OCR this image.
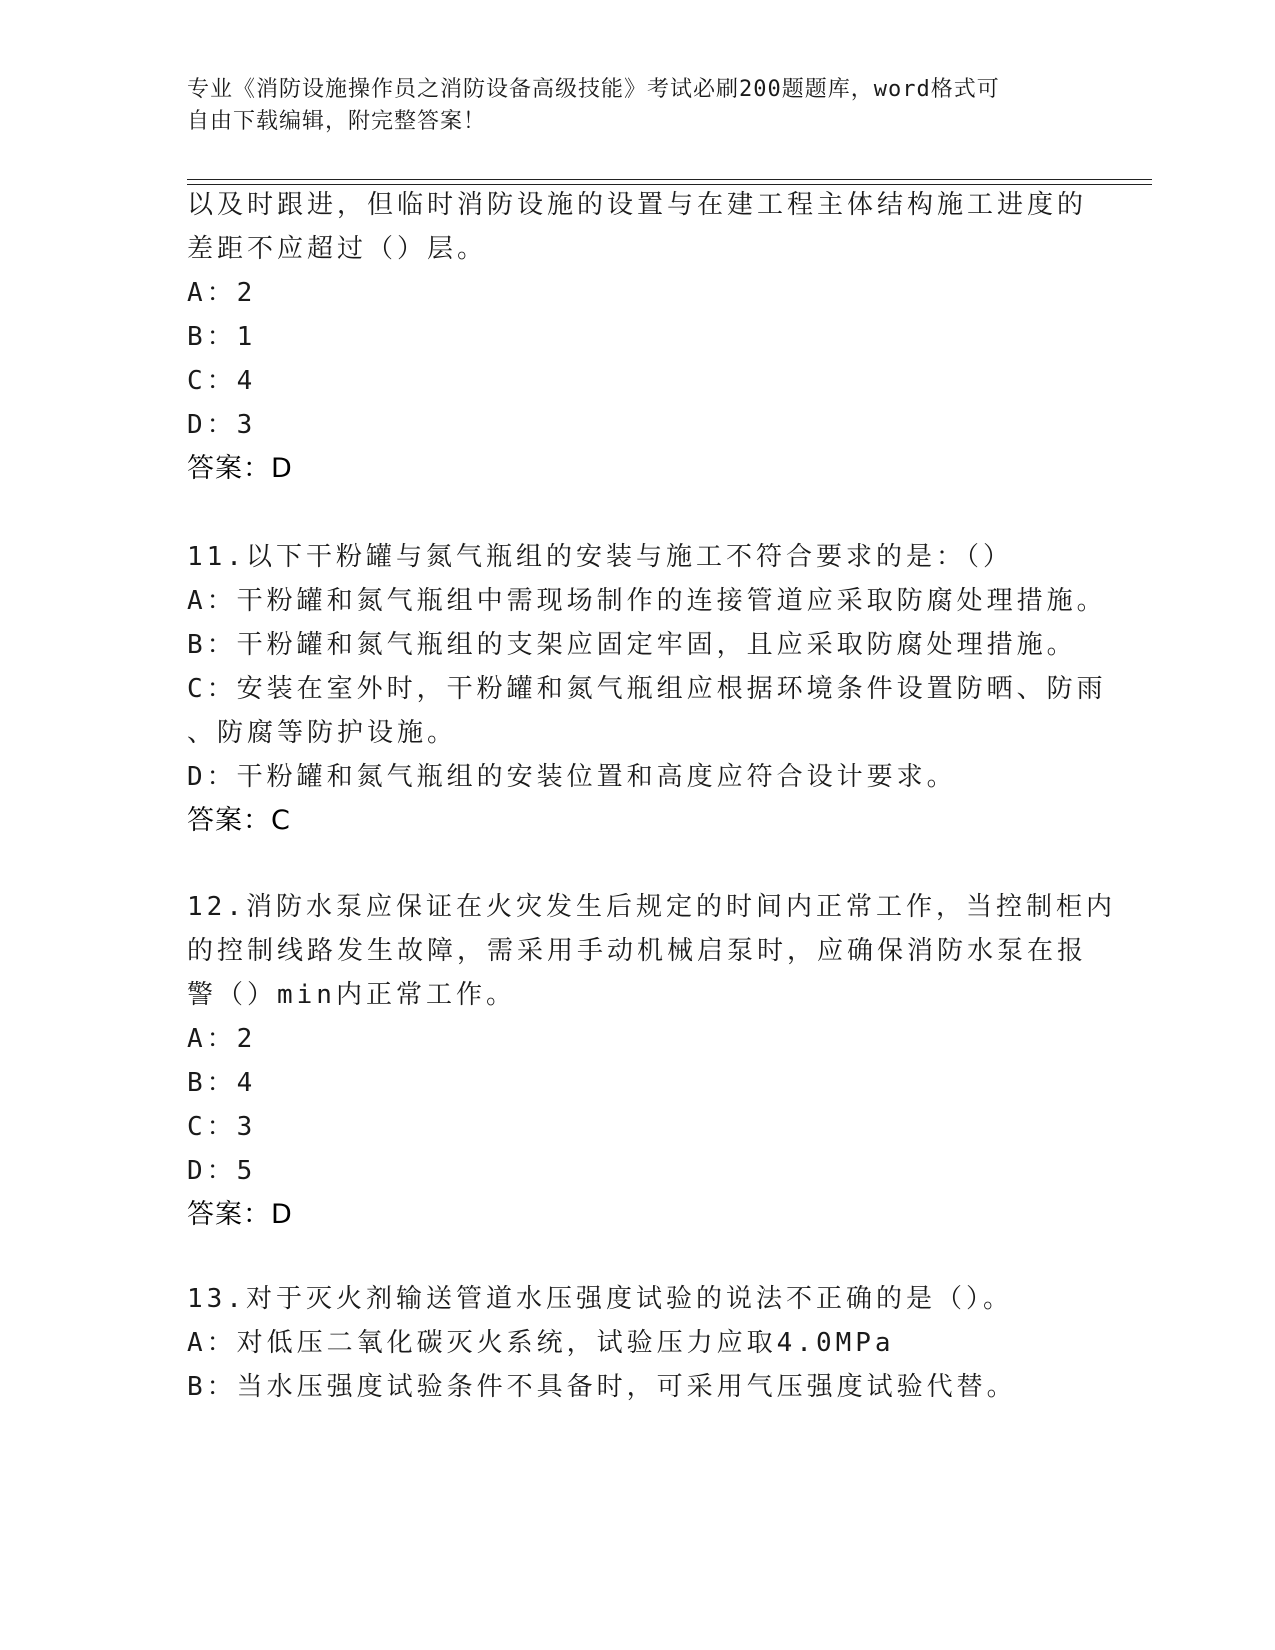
专业《消防设施操作员之消防设备高级技能》考试必刷200题题库，word格式可
自由下载编辑，附完整答案！
以及时跟进，但临时消防设施的设置与在建工程主体结构施工进度的
差距不应超过（）层。
A：2
B：1
C：4
D：3
答案：D
11.以下干粉罐与氮气瓶组的安装与施工不符合要求的是：（）
A：干粉罐和氮气瓶组中需现场制作的连接管道应采取防腐处理措施。
B：干粉罐和氮气瓶组的支架应固定牢固，且应采取防腐处理措施。
C：安装在室外时，干粉罐和氮气瓶组应根据环境条件设置防晒、防雨
、防腐等防护设施。
D：干粉罐和氮气瓶组的安装位置和高度应符合设计要求。
答案：C
12.消防水泵应保证在火灾发生后规定的时间内正常工作，当控制柜内
的控制线路发生故障，需采用手动机械启泵时，应确保消防水泵在报
警（）min内正常工作。
A：2
B：4
C：3
D：5
答案：D
13.对于灭火剂输送管道水压强度试验的说法不正确的是（）。
A：对低压二氧化碳灭火系统，试验压力应取4.0MPa
B：当水压强度试验条件不具备时，可采用气压强度试验代替。
